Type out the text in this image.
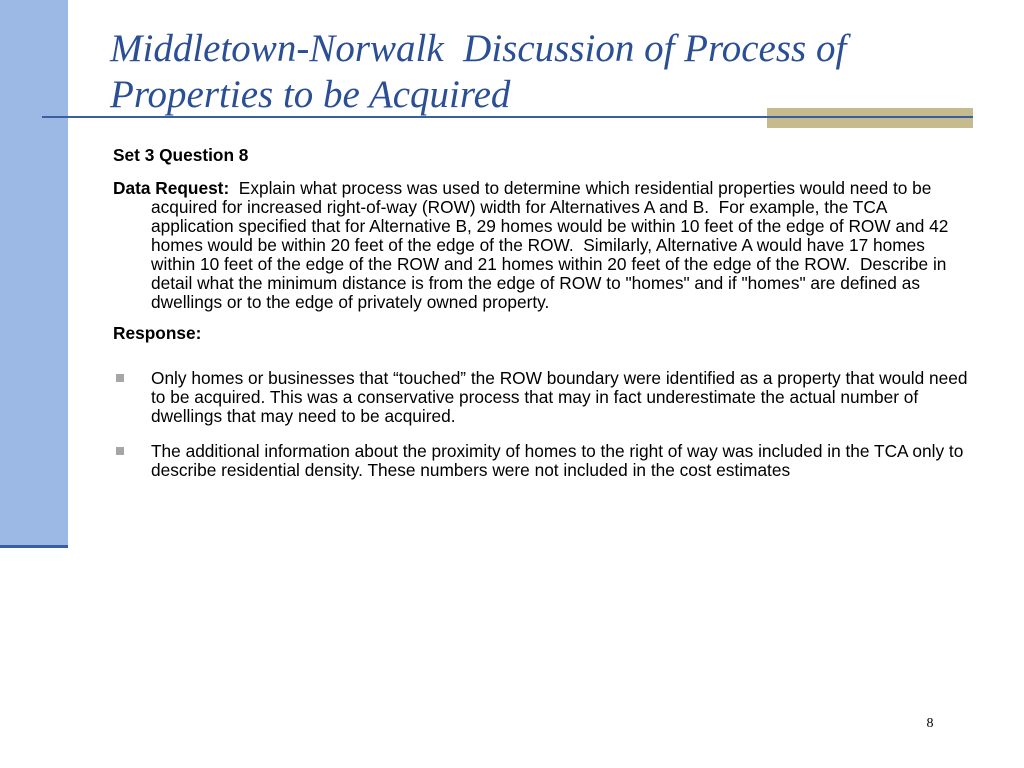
Middletown-Norwalk  Discussion of Process of Properties to be Acquired

Set 3 Question 8

Data Request:  Explain what process was used to determine which residential properties would need to be acquired for increased right-of-way (ROW) width for Alternatives A and B.  For example, the TCA application specified that for Alternative B, 29 homes would be within 10 feet of the edge of ROW and 42 homes would be within 20 feet of the edge of the ROW.  Similarly, Alternative A would have 17 homes within 10 feet of the edge of the ROW and 21 homes within 20 feet of the edge of the ROW.  Describe in detail what the minimum distance is from the edge of ROW to "homes" and if "homes" are defined as dwellings or to the edge of privately owned property.

Response:

Only homes or businesses that “touched” the ROW boundary were identified as a property that would need to be acquired. This was a conservative process that may in fact underestimate the actual number of dwellings that may need to be acquired.
The additional information about the proximity of homes to the right of way was included in the TCA only to describe residential density. These numbers were not included in the cost estimates
8
